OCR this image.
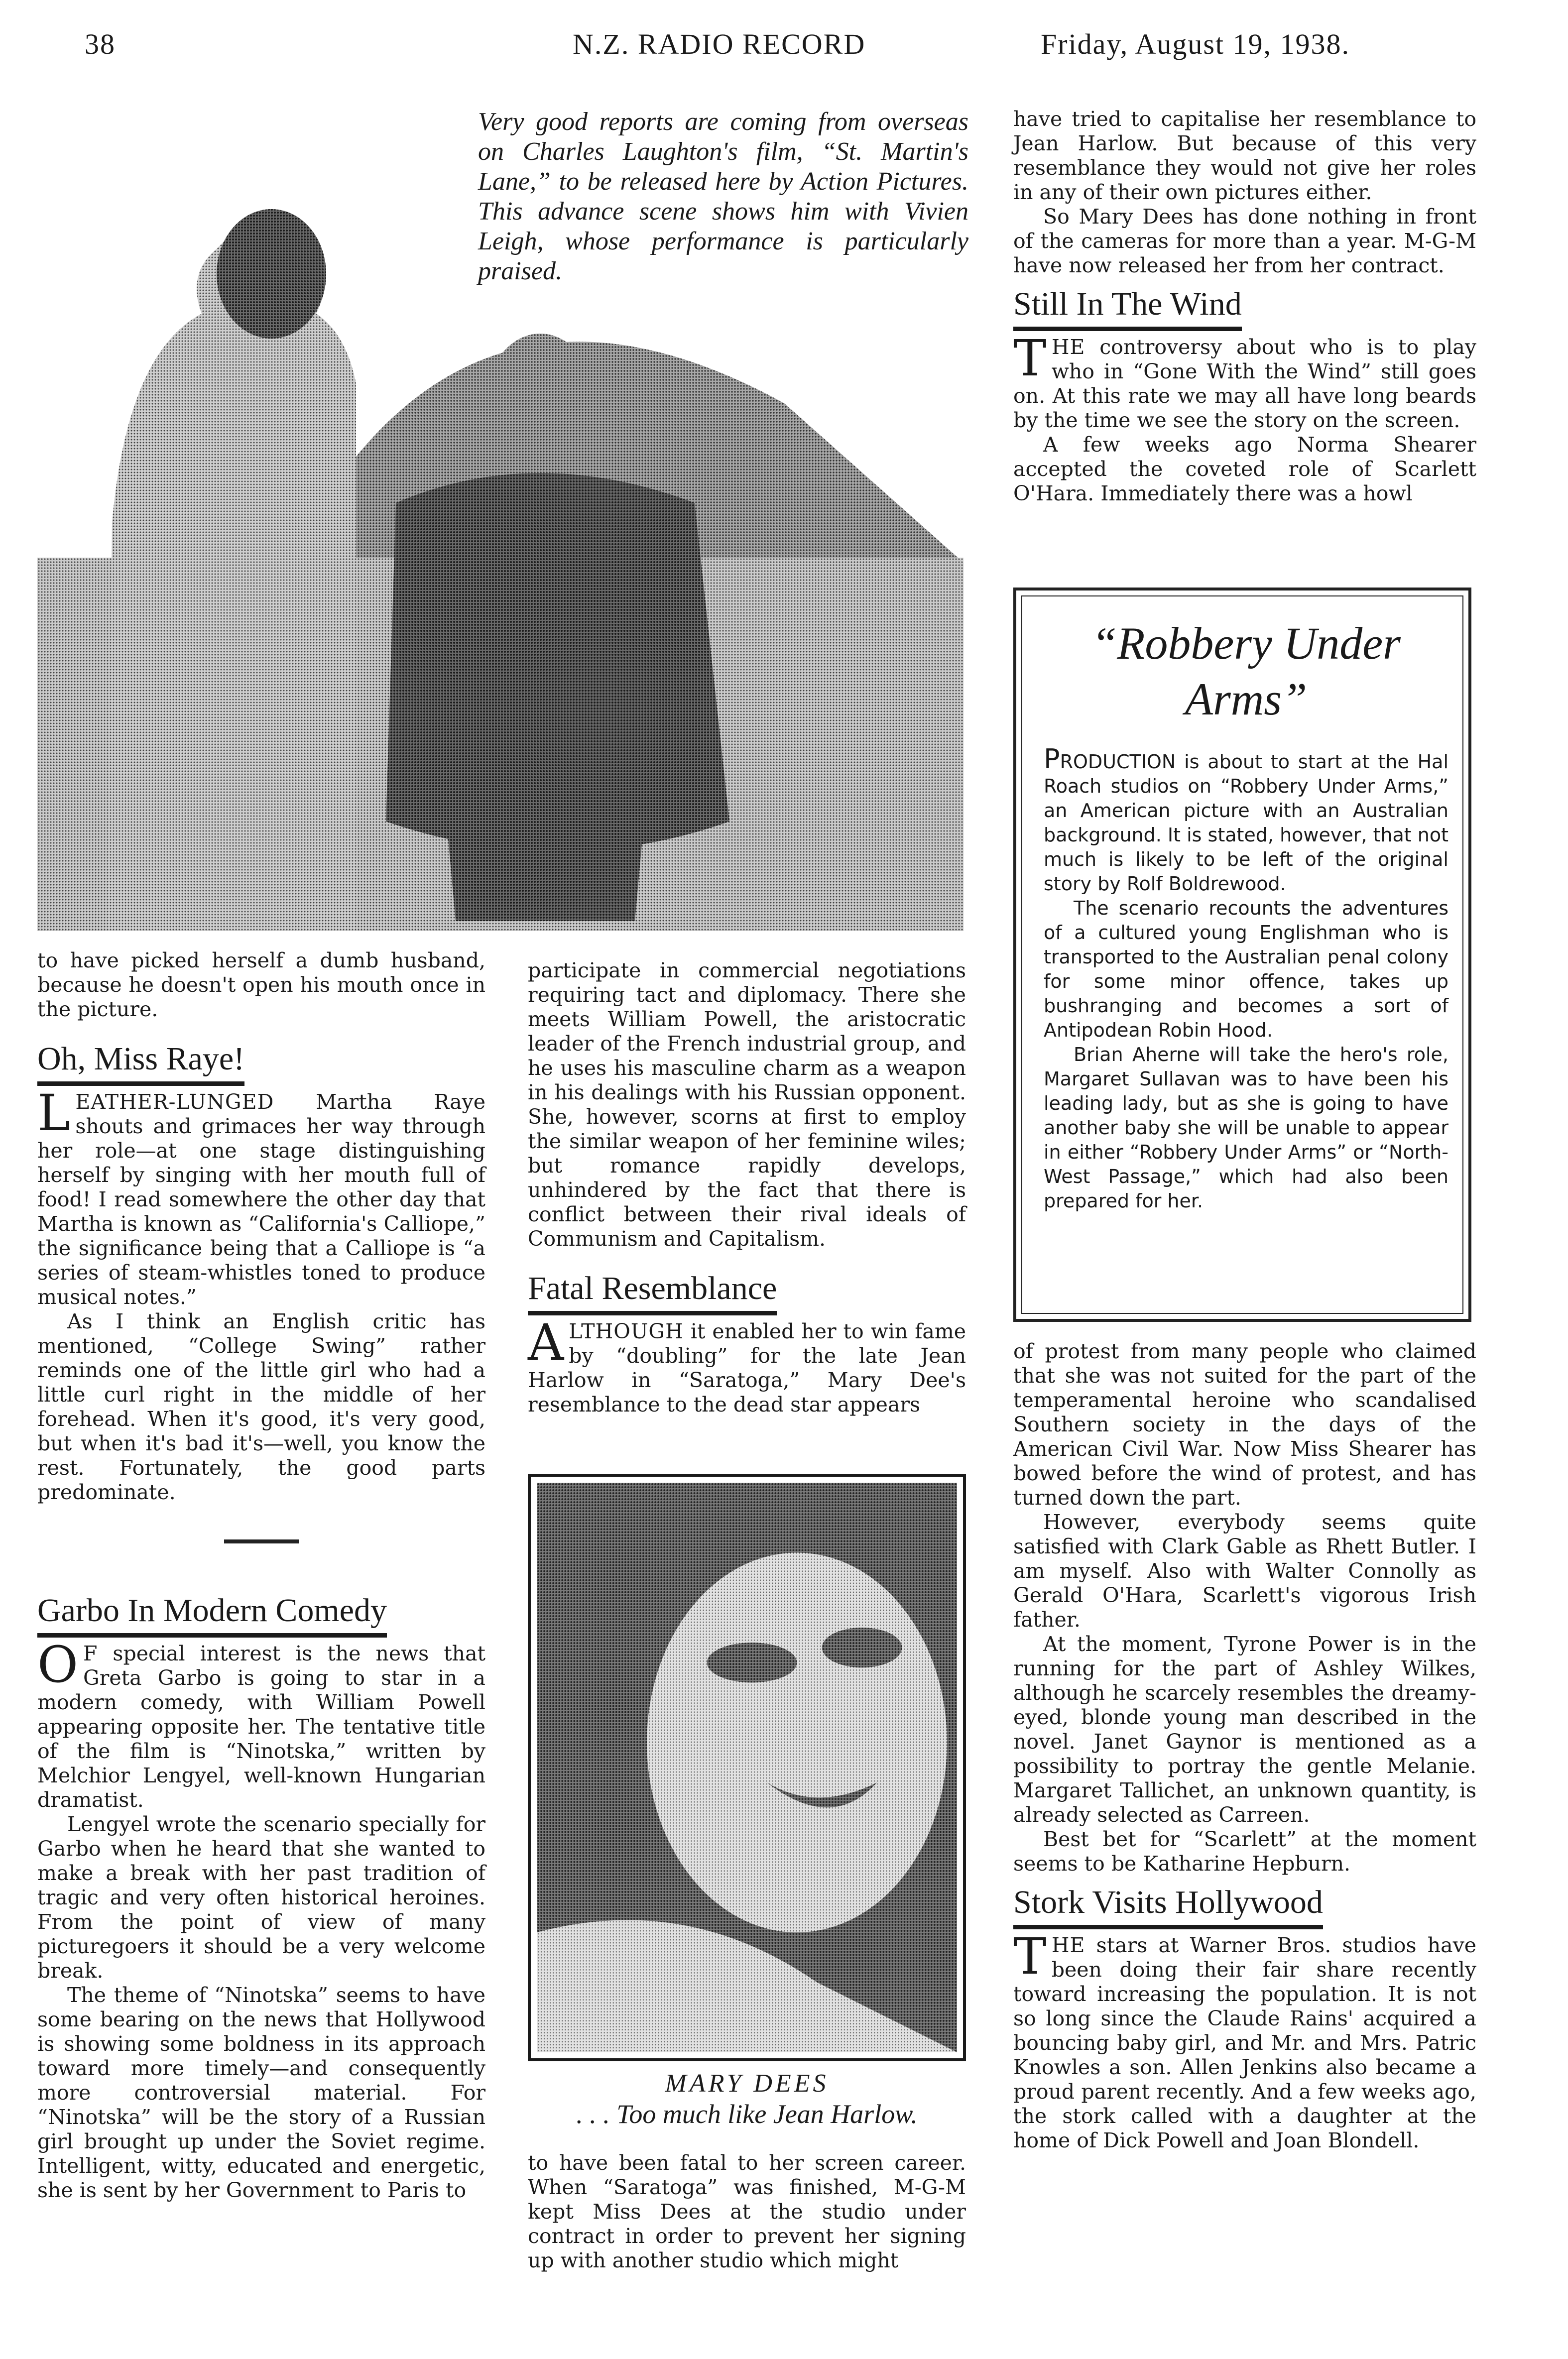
38	N.Z. RADIO RECORD	Friday, August 19, 1938.
Very good reports are coming from overseas on Charles Laughton's film, “St. Martin's Lane,” to be released here by Action Pictures. This advance scene shows him with Vivien Leigh, whose performance is particularly praised.

to have picked herself a dumb husband, because he doesn't open his mouth once in the picture.

Oh, Miss Raye!

LEATHER-LUNGED Martha Raye shouts and grimaces her way through her role—at one stage distinguishing herself by singing with her mouth full of food! I read somewhere the other day that Martha is known as “California's Calliope,” the significance being that a Calliope is “a series of steam-whistles toned to produce musical notes.”

As I think an English critic has mentioned, “College Swing” rather reminds one of the little girl who had a little curl right in the middle of her forehead. When it's good, it's very good, but when it's bad it's—well, you know the rest. Fortunately, the good parts predominate.

Garbo In Modern Comedy

O F special interest is the news that Greta Garbo is going to star in a modern comedy, with William Powell appearing opposite her. The tentative title of the film is “Ninotska,” written by Melchior Lengyel, well-known Hungarian dramatist.

Lengyel wrote the scenario specially for Garbo when he heard that she wanted to make a break with her past tradition of tragic and very often historical heroines. From the point of view of many picturegoers it should be a very welcome break.

The theme of “Ninotska” seems to have some bearing on the news that Hollywood is showing some boldness in its approach toward more timely—and consequently more controversial material. For “Ninotska” will be the story of a Russian girl brought up under the Soviet regime. Intelligent, witty, educated and energetic, she is sent by her Government to Paris to

participate in commercial negotiations requiring tact and diplomacy. There she meets William Powell, the aristocratic leader of the French industrial group, and he uses his masculine charm as a weapon in his dealings with his Russian opponent. She, however, scorns at first to employ the similar weapon of her feminine wiles; but romance rapidly develops, unhindered by the fact that there is conflict between their rival ideals of Communism and Capitalism.

Fatal Resemblance

ALTHOUGH it enabled her to win fame by “doubling” for the late Jean Harlow in “Saratoga,” Mary Dee's resemblance to the dead star appears

MARY DEES
. . . Too much like Jean Harlow.

to have been fatal to her screen career. When “Saratoga” was finished, M-G-M kept Miss Dees at the studio under contract in order to prevent her signing up with another studio which might

have tried to capitalise her resemblance to Jean Harlow. But because of this very resemblance they would not give her roles in any of their own pictures either.

So Mary Dees has done nothing in front of the cameras for more than a year. M-G-M have now released her from her contract.

Still In The Wind

THE controversy about who is to play who in “Gone With the Wind” still goes on. At this rate we may all have long beards by the time we see the story on the screen.

A few weeks ago Norma Shearer accepted the coveted role of Scarlett O'Hara. Immediately there was a howl

“Robbery Under
Arms”

PRODUCTION is about to start at the Hal Roach studios on “Robbery Under Arms,” an American picture with an Australian background. It is stated, however, that not much is likely to be left of the original story by Rolf Boldrewood.

The scenario recounts the adventures of a cultured young Englishman who is transported to the Australian penal colony for some minor offence, takes up bushranging and becomes a sort of Antipodean Robin Hood.

Brian Aherne will take the hero's role, Margaret Sullavan was to have been his leading lady, but as she is going to have another baby she will be unable to appear in either “Robbery Under Arms” or “North-West Passage,” which had also been prepared for her.

of protest from many people who claimed that she was not suited for the part of the temperamental heroine who scandalised Southern society in the days of the American Civil War. Now Miss Shearer has bowed before the wind of protest, and has turned down the part.

However, everybody seems quite satisfied with Clark Gable as Rhett Butler. I am myself. Also with Walter Connolly as Gerald O'Hara, Scarlett's vigorous Irish father.

At the moment, Tyrone Power is in the running for the part of Ashley Wilkes, although he scarcely resembles the dreamy-eyed, blonde young man described in the novel. Janet Gaynor is mentioned as a possibility to portray the gentle Melanie. Margaret Tallichet, an unknown quantity, is already selected as Carreen.

Best bet for “Scarlett” at the moment seems to be Katharine Hepburn.

Stork Visits Hollywood

THE stars at Warner Bros. studios have been doing their fair share recently toward increasing the population. It is not so long since the Claude Rains' acquired a bouncing baby girl, and Mr. and Mrs. Patric Knowles a son. Allen Jenkins also became a proud parent recently. And a few weeks ago, the stork called with a daughter at the home of Dick Powell and Joan Blondell.
